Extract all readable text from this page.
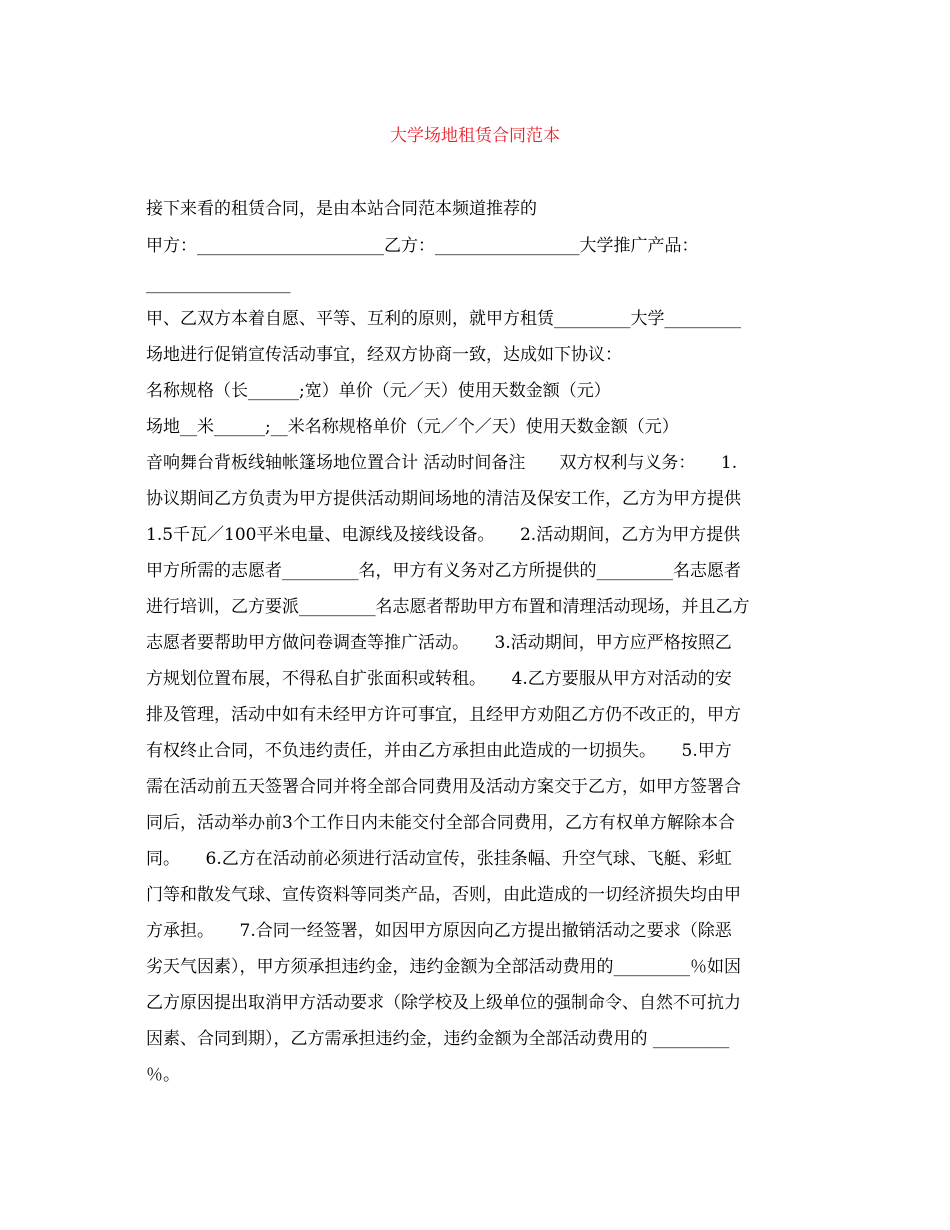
大学场地租赁合同范本
接下来看的租赁合同，是由本站合同范本频道推荐的
甲方：______________________乙方：_________________大学推广产品：
_________________
甲、乙双方本着自愿、平等、互利的原则，就甲方租赁_________大学_________
场地进行促销宣传活动事宜，经双方协商一致，达成如下协议：
名称规格（长______;宽）单价（元／天）使用天数金额（元）
场地__米______;__米名称规格单价（元／个／天）使用天数金额（元）
音响舞台背板线轴帐篷场地位置合计 活动时间备注　　双方权利与义务：　　1.
协议期间乙方负责为甲方提供活动期间场地的清洁及保安工作，乙方为甲方提供
1.5千瓦／100平米电量、电源线及接线设备。　　2.活动期间，乙方为甲方提供
甲方所需的志愿者_________名，甲方有义务对乙方所提供的_________名志愿者
进行培训，乙方要派_________名志愿者帮助甲方布置和清理活动现场，并且乙方
志愿者要帮助甲方做问卷调查等推广活动。　　3.活动期间，甲方应严格按照乙
方规划位置布展，不得私自扩张面积或转租。　　4.乙方要服从甲方对活动的安
排及管理，活动中如有未经甲方许可事宜，且经甲方劝阻乙方仍不改正的，甲方
有权终止合同，不负违约责任，并由乙方承担由此造成的一切损失。　　5.甲方
需在活动前五天签署合同并将全部合同费用及活动方案交于乙方，如甲方签署合
同后，活动举办前3个工作日内未能交付全部合同费用，乙方有权单方解除本合
同。　　6.乙方在活动前必须进行活动宣传，张挂条幅、升空气球、飞艇、彩虹
门等和散发气球、宣传资料等同类产品，否则，由此造成的一切经济损失均由甲
方承担。　　7.合同一经签署，如因甲方原因向乙方提出撤销活动之要求（除恶
劣天气因素），甲方须承担违约金，违约金额为全部活动费用的_________％如因
乙方原因提出取消甲方活动要求（除学校及上级单位的强制命令、自然不可抗力
因素、合同到期），乙方需承担违约金，违约金额为全部活动费用的 _________
％。
